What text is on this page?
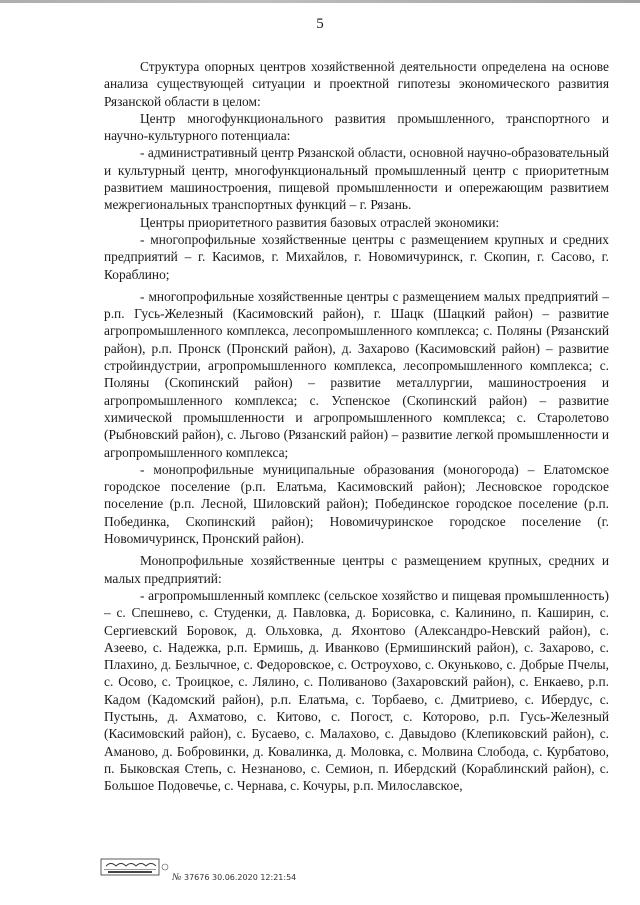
5

Структура опорных центров хозяйственной деятельности определена на основе анализа существующей ситуации и проектной гипотезы экономического развития Рязанской области в целом:

Центр многофункционального развития промышленного, транспортного и научно-культурного потенциала:

- административный центр Рязанской области, основной научно-образовательный и культурный центр, многофункциональный промышленный центр с приоритетным развитием машиностроения, пищевой промышленности и опережающим развитием межрегиональных транспортных функций – г. Рязань.

Центры приоритетного развития базовых отраслей экономики:

- многопрофильные хозяйственные центры с размещением крупных и средних предприятий – г. Касимов, г. Михайлов, г. Новомичуринск, г. Скопин, г. Сасово, г. Кораблино;

- многопрофильные хозяйственные центры с размещением малых предприятий – р.п. Гусь-Железный (Касимовский район), г. Шацк (Шацкий район) – развитие агропромышленного комплекса, лесопромышленного комплекса; с. Поляны (Рязанский район), р.п. Пронск (Пронский район), д. Захарово (Касимовский район) – развитие стройиндустрии, агропромышленного комплекса, лесопромышленного комплекса; с. Поляны (Скопинский район) – развитие металлургии, машиностроения и агропромышленного комплекса; с. Успенское (Скопинский район) – развитие химической промышленности и агропромышленного комплекса; с. Старолетово (Рыбновский район), с. Льгово (Рязанский район) – развитие легкой промышленности и агропромышленного комплекса;

- монопрофильные муниципальные образования (моногорода) – Елатомское городское поселение (р.п. Елатьма, Касимовский район); Лесновское городское поселение (р.п. Лесной, Шиловский район); Побединское городское поселение (р.п. Побединка, Скопинский район); Новомичуринское городское поселение (г. Новомичуринск, Пронский район).

Монопрофильные хозяйственные центры с размещением крупных, средних и малых предприятий:

- агропромышленный комплекс (сельское хозяйство и пищевая промышленность) – с. Спешнево, с. Студенки, д. Павловка, д. Борисовка, с. Калинино, п. Каширин, с. Сергиевский Боровок, д. Ольховка, д. Яхонтово (Александро-Невский район), с. Азеево, с. Надежка, р.п. Ермишь, д. Иванково (Ермишинский район), с. Захарово, с. Плахино, д. Безлычное, с. Федоровское, с. Остроухово, с. Окуньково, с. Добрые Пчелы, с. Осово, с. Троицкое, с. Лялино, с. Поливаново (Захаровский район), с. Енкаево, р.п. Кадом (Кадомский район), р.п. Елатьма, с. Торбаево, с. Дмитриево, с. Ибердус, с. Пустынь, д. Ахматово, с. Китово, с. Погост, с. Которово, р.п. Гусь-Железный (Касимовский район), с. Бусаево, с. Малахово, с. Давыдово (Клепиковский район), с. Аманово, д. Бобровинки, д. Ковалинка, д. Моловка, с. Молвина Слобода, с. Курбатово, п. Быковская Степь, с. Незнаново, с. Семион, п. Ибердский (Кораблинский район), с. Большое Подовечье, с. Чернава, с. Кочуры, р.п. Милославское,

№ 37676 30.06.2020 12:21:54
